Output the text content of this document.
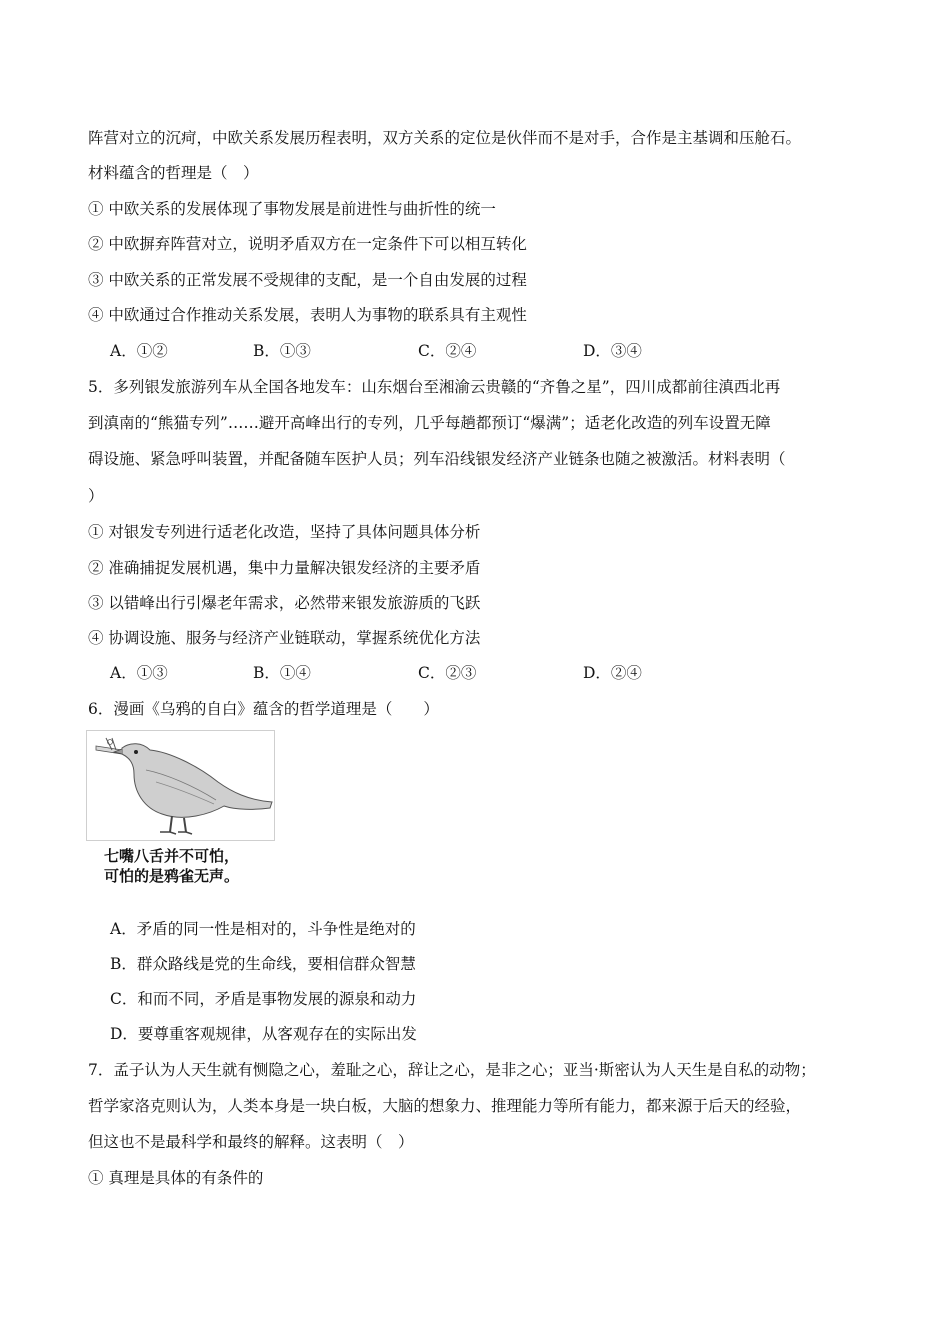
阵营对立的沉疴，中欧关系发展历程表明，双方关系的定位是伙伴而不是对手，合作是主基调和压舱石。
材料蕴含的哲理是（　）
① 中欧关系的发展体现了事物发展是前进性与曲折性的统一
② 中欧摒弃阵营对立，说明矛盾双方在一定条件下可以相互转化
③ 中欧关系的正常发展不受规律的支配，是一个自由发展的过程
④ 中欧通过合作推动关系发展，表明人为事物的联系具有主观性
A．①②	B．①③	C．②④	D．③④
5．多列银发旅游列车从全国各地发车：山东烟台至湘渝云贵赣的“齐鲁之星”，四川成都前往滇西北再
到滇南的“熊猫专列”……避开高峰出行的专列，几乎每趟都预订“爆满”；适老化改造的列车设置无障
碍设施、紧急呼叫装置，并配备随车医护人员；列车沿线银发经济产业链条也随之被激活。材料表明（
）
① 对银发专列进行适老化改造，坚持了具体问题具体分析
② 准确捕捉发展机遇，集中力量解决银发经济的主要矛盾
③ 以错峰出行引爆老年需求，必然带来银发旅游质的飞跃
④ 协调设施、服务与经济产业链联动，掌握系统优化方法
A．①③	B．①④	C．②③	D．②④
6．漫画《乌鸦的自白》蕴含的哲学道理是（　　）
七嘴八舌并不可怕，
可怕的是鸦雀无声。
A．矛盾的同一性是相对的，斗争性是绝对的
B．群众路线是党的生命线，要相信群众智慧
C．和而不同，矛盾是事物发展的源泉和动力
D．要尊重客观规律，从客观存在的实际出发
7．孟子认为人天生就有恻隐之心，羞耻之心，辞让之心，是非之心；亚当·斯密认为人天生是自私的动物；
哲学家洛克则认为，人类本身是一块白板，大脑的想象力、推理能力等所有能力，都来源于后天的经验，
但这也不是最科学和最终的解释。这表明（　）
① 真理是具体的有条件的
